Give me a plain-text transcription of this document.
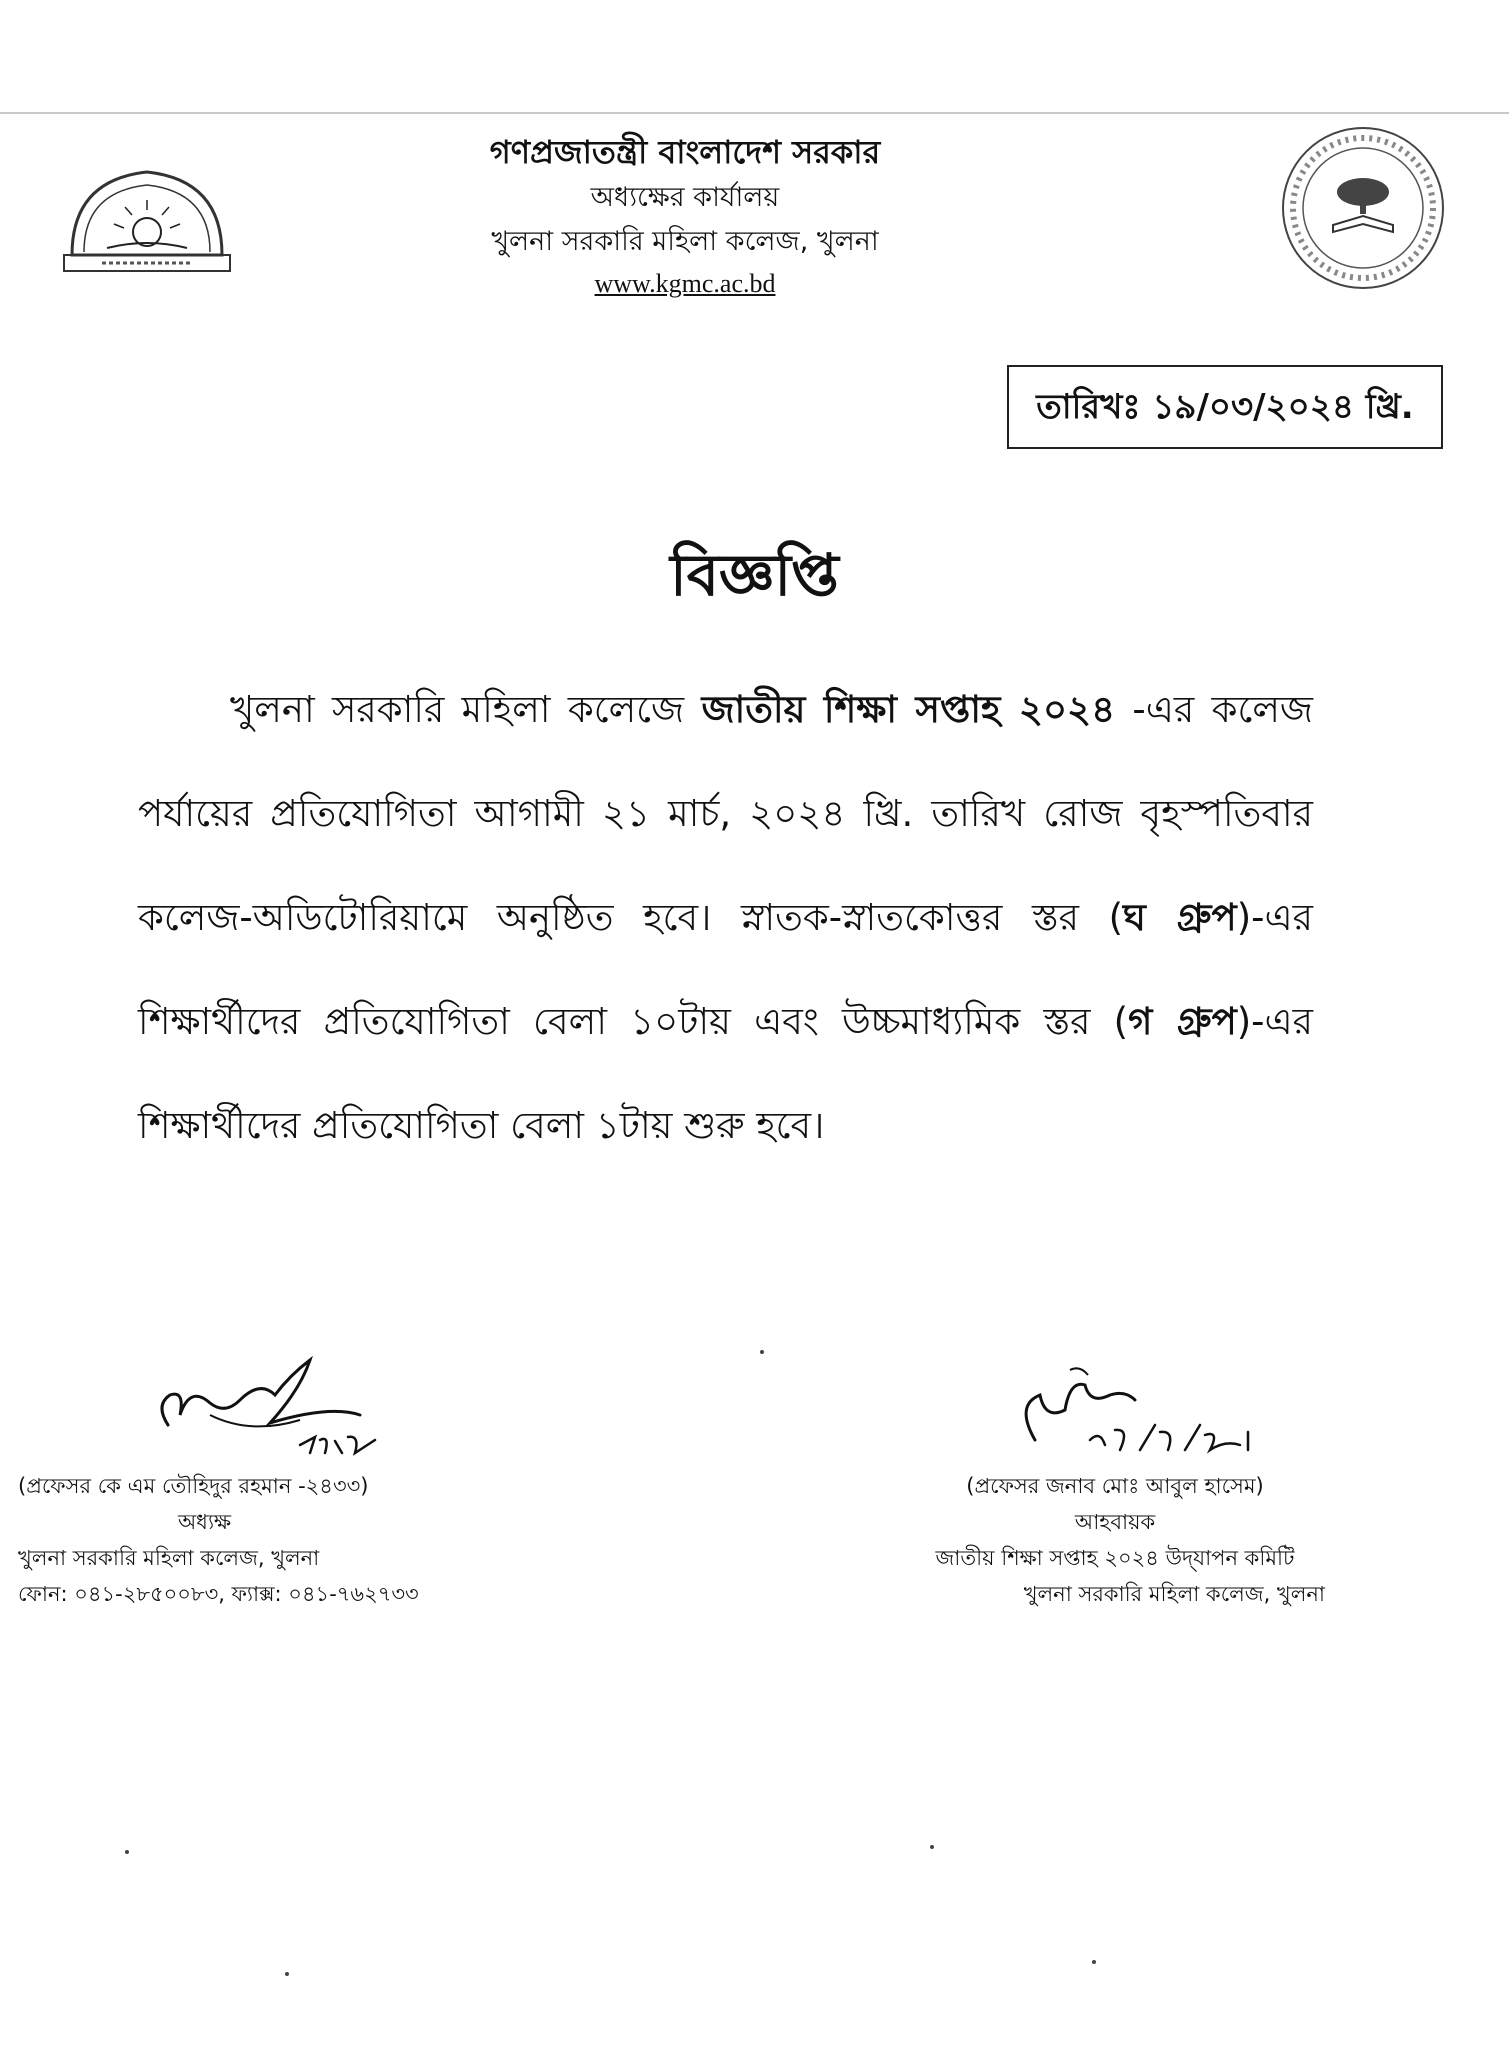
গণপ্রজাতন্ত্রী বাংলাদেশ সরকার
অধ্যক্ষের কার্যালয়
খুলনা সরকারি মহিলা কলেজ, খুলনা
www.kgmc.ac.bd
তারিখঃ ১৯/০৩/২০২৪ খ্রি.
বিজ্ঞপ্তি
খুলনা সরকারি মহিলা কলেজে জাতীয় শিক্ষা সপ্তাহ ২০২৪ -এর কলেজ পর্যায়ের প্রতিযোগিতা আগামী ২১ মার্চ, ২০২৪ খ্রি. তারিখ রোজ বৃহস্পতিবার কলেজ-অডিটোরিয়ামে অনুষ্ঠিত হবে। স্নাতক-স্নাতকোত্তর স্তর (ঘ গ্রুপ)-এর শিক্ষার্থীদের প্রতিযোগিতা বেলা ১০টায় এবং উচ্চমাধ্যমিক স্তর (গ গ্রুপ)-এর শিক্ষার্থীদের প্রতিযোগিতা বেলা ১টায় শুরু হবে।
(প্রফেসর কে এম তৌহিদুর রহমান -২৪৩৩)
অধ্যক্ষ
খুলনা সরকারি মহিলা কলেজ, খুলনা
ফোন: ০৪১-২৮৫০০৮৩, ফ্যাক্স: ০৪১-৭৬২৭৩৩
(প্রফেসর জনাব মোঃ আবুল হাসেম)
আহবায়ক
জাতীয় শিক্ষা সপ্তাহ ২০২৪ উদ্‌যাপন কমিটি
খুলনা সরকারি মহিলা কলেজ, খুলনা
